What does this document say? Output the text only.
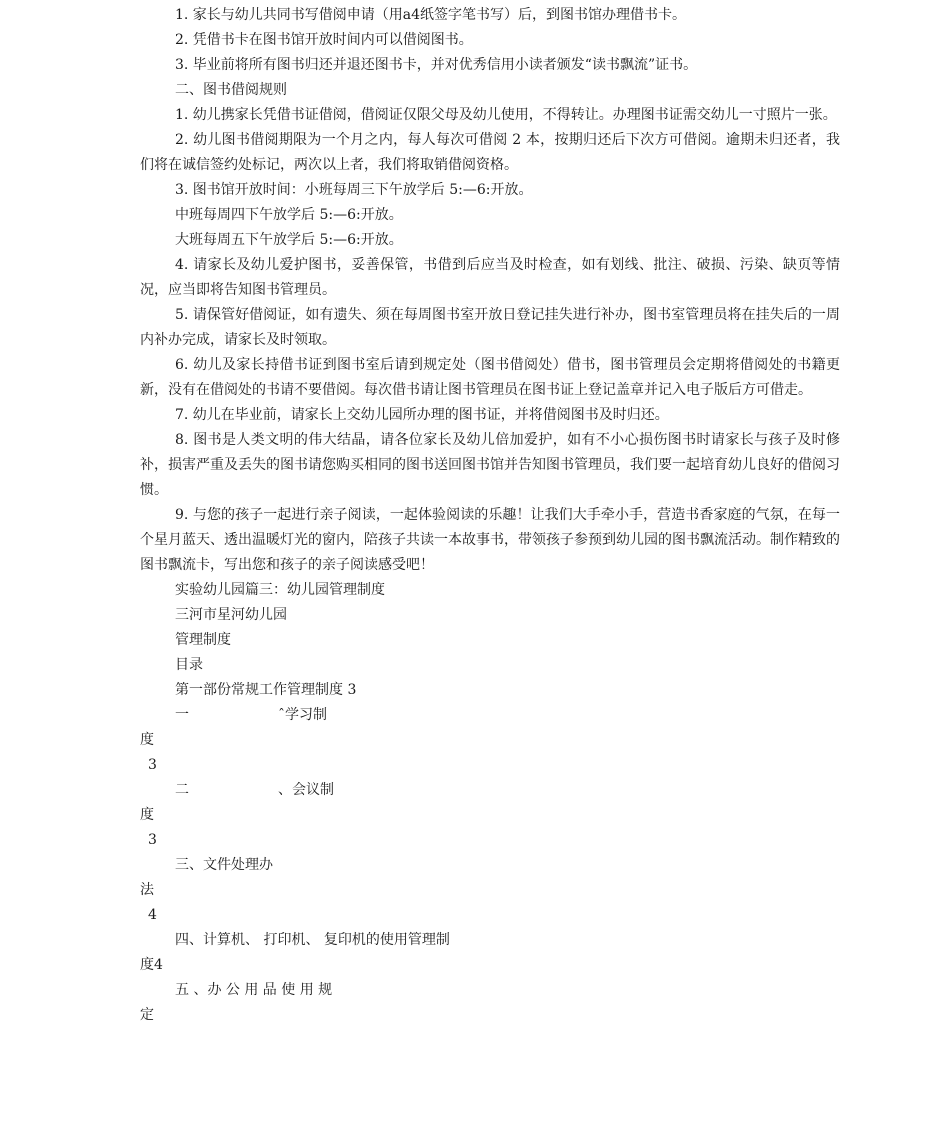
1. 家长与幼儿共同书写借阅申请（用a4纸签字笔书写）后，到图书馆办理借书卡。

2. 凭借书卡在图书馆开放时间内可以借阅图书。

3. 毕业前将所有图书归还并退还图书卡，并对优秀信用小读者颁发“读书飘流”证书。

二、图书借阅规则

1. 幼儿携家长凭借书证借阅，借阅证仅限父母及幼儿使用，不得转让。办理图书证需交幼儿一寸照片一张。

2. 幼儿图书借阅期限为一个月之内，每人每次可借阅 2 本，按期归还后下次方可借阅。逾期未归还者，我们将在诚信签约处标记，两次以上者，我们将取销借阅资格。

3. 图书馆开放时间：小班每周三下午放学后 5:—6:开放。

中班每周四下午放学后 5:—6:开放。

大班每周五下午放学后 5:—6:开放。

4. 请家长及幼儿爱护图书，妥善保管，书借到后应当及时检查，如有划线、批注、破损、污染、缺页等情况，应当即将告知图书管理员。

5. 请保管好借阅证，如有遗失、须在每周图书室开放日登记挂失进行补办，图书室管理员将在挂失后的一周内补办完成，请家长及时领取。

6. 幼儿及家长持借书证到图书室后请到规定处（图书借阅处）借书，图书管理员会定期将借阅处的书籍更新，没有在借阅处的书请不要借阅。每次借书请让图书管理员在图书证上登记盖章并记入电子版后方可借走。

7. 幼儿在毕业前，请家长上交幼儿园所办理的图书证，并将借阅图书及时归还。

8. 图书是人类文明的伟大结晶，请各位家长及幼儿倍加爱护，如有不小心损伤图书时请家长与孩子及时修补，损害严重及丢失的图书请您购买相同的图书送回图书馆并告知图书管理员，我们要一起培育幼儿良好的借阅习惯。

9. 与您的孩子一起进行亲子阅读，一起体验阅读的乐趣！让我们大手牵小手，营造书香家庭的气氛，在每一个星月蓝天、透出温暖灯光的窗内，陪孩子共读一本故事书，带领孩子参预到幼儿园的图书飘流活动。制作精致的图书飘流卡，写出您和孩子的亲子阅读感受吧！

实验幼儿园篇三：幼儿园管理制度
三河市星河幼儿园
管理制度
目录
第一部份常规工作管理制度 3
一                    ˆ学习制
度
3
二                    、会议制
度
3
三、文件处理办
法
4
四、计算机、 打印机、 复印机的使用管理制
度4
五 、办 公 用 品 使 用 规
定
